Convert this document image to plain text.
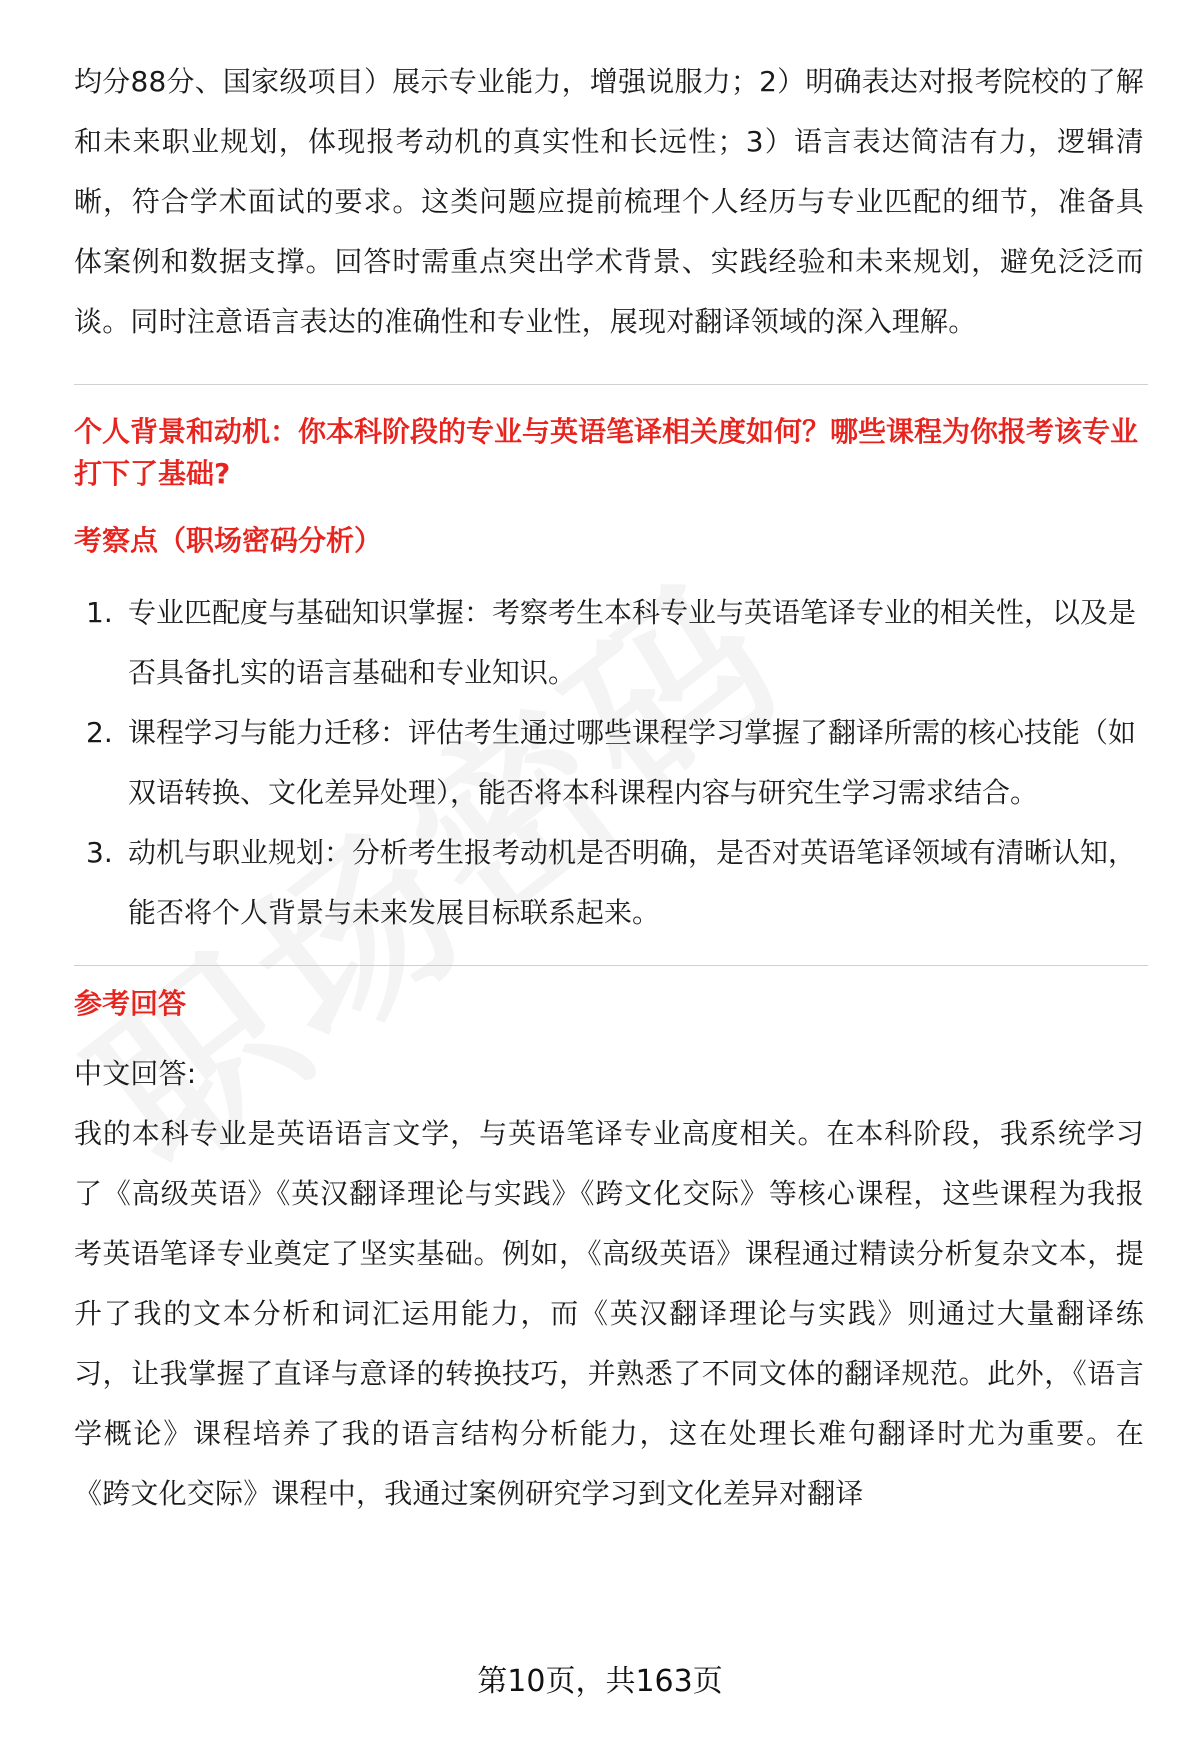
均分88分、国家级项目）展示专业能力，增强说服力；2）明确表达对报考院校的了解和未来职业规划，体现报考动机的真实性和长远性；3）语言表达简洁有力，逻辑清晰，符合学术面试的要求。这类问题应提前梳理个人经历与专业匹配的细节，准备具体案例和数据支撑。回答时需重点突出学术背景、实践经验和未来规划，避免泛泛而谈。同时注意语言表达的准确性和专业性，展现对翻译领域的深入理解。

个人背景和动机：你本科阶段的专业与英语笔译相关度如何？哪些课程为你报考该专业打下了基础?

考察点（职场密码分析）

1. 专业匹配度与基础知识掌握：考察考生本科专业与英语笔译专业的相关性，以及是否具备扎实的语言基础和专业知识。
2. 课程学习与能力迁移：评估考生通过哪些课程学习掌握了翻译所需的核心技能（如双语转换、文化差异处理），能否将本科课程内容与研究生学习需求结合。
3. 动机与职业规划：分析考生报考动机是否明确，是否对英语笔译领域有清晰认知，能否将个人背景与未来发展目标联系起来。

参考回答

中文回答:

我的本科专业是英语语言文学，与英语笔译专业高度相关。在本科阶段，我系统学习了《高级英语》《英汉翻译理论与实践》《跨文化交际》等核心课程，这些课程为我报考英语笔译专业奠定了坚实基础。例如，《高级英语》课程通过精读分析复杂文本，提升了我的文本分析和词汇运用能力，而《英汉翻译理论与实践》则通过大量翻译练习，让我掌握了直译与意译的转换技巧，并熟悉了不同文体的翻译规范。此外，《语言学概论》课程培养了我的语言结构分析能力，这在处理长难句翻译时尤为重要。在《跨文化交际》课程中，我通过案例研究学习到文化差异对翻译

第10页，共163页
